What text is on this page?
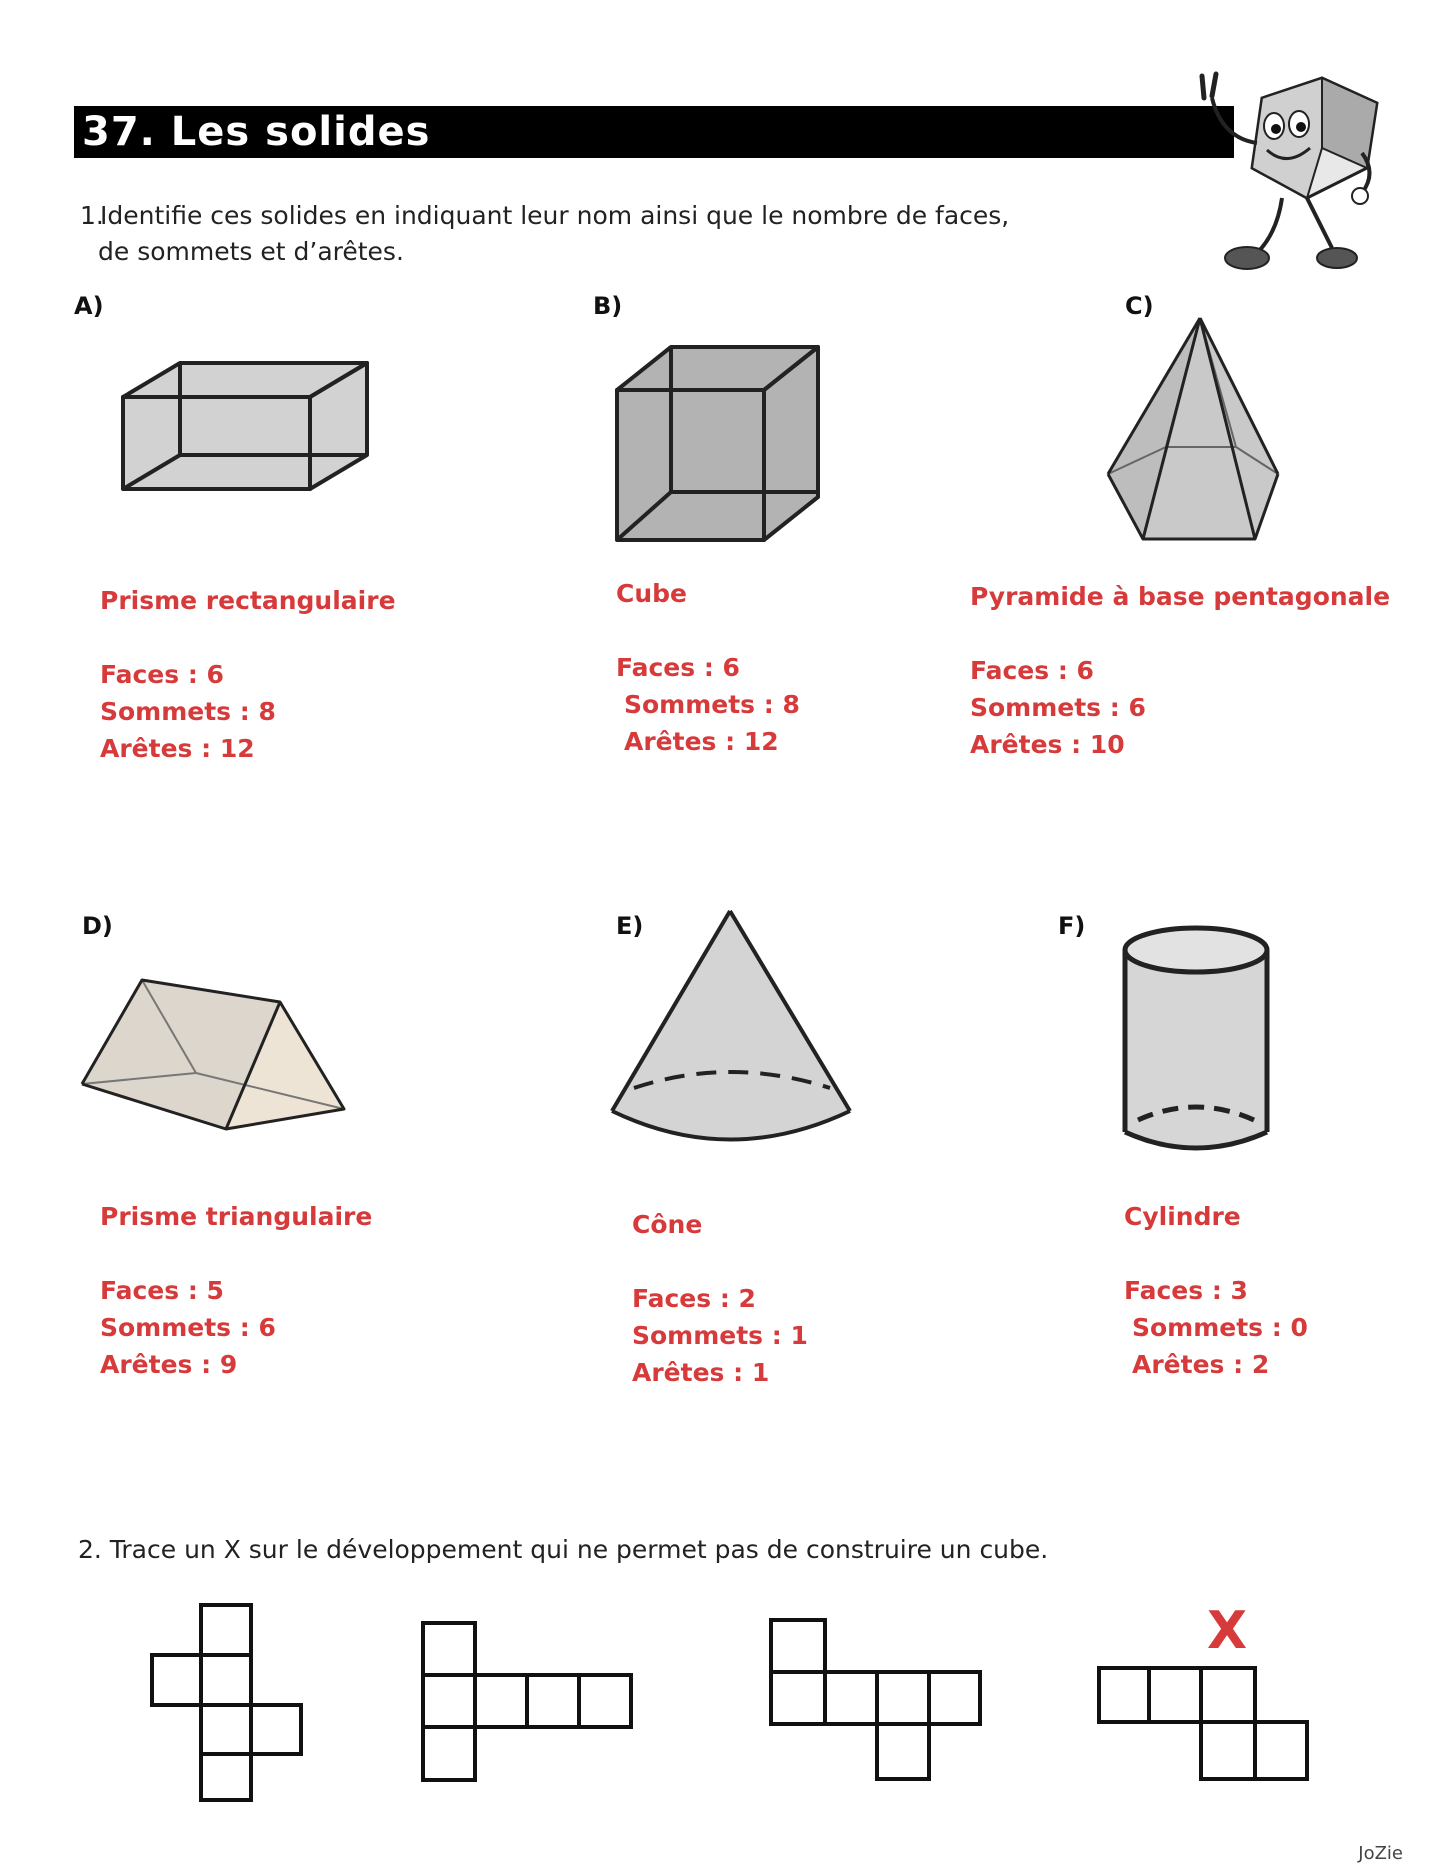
37. Les solides
1.Identifie ces solides en indiquant leur nom ainsi que le nombre de faces,
de sommets et d’arêtes.
A)
Prisme rectangulaire
Faces : 6
Sommets : 8
Arêtes : 12
B)
Cube
Faces : 6
Sommets : 8
Arêtes : 12
C)
Pyramide à base pentagonale
Faces : 6
Sommets : 6
Arêtes : 10
D)
Prisme triangulaire
Faces : 5
Sommets : 6
Arêtes : 9
E)
Cône
Faces : 2
Sommets : 1
Arêtes : 1
F)
Cylindre
Faces : 3
Sommets : 0
Arêtes : 2
2. Trace un X sur le développement qui ne permet pas de construire un cube.
X
JoZie
